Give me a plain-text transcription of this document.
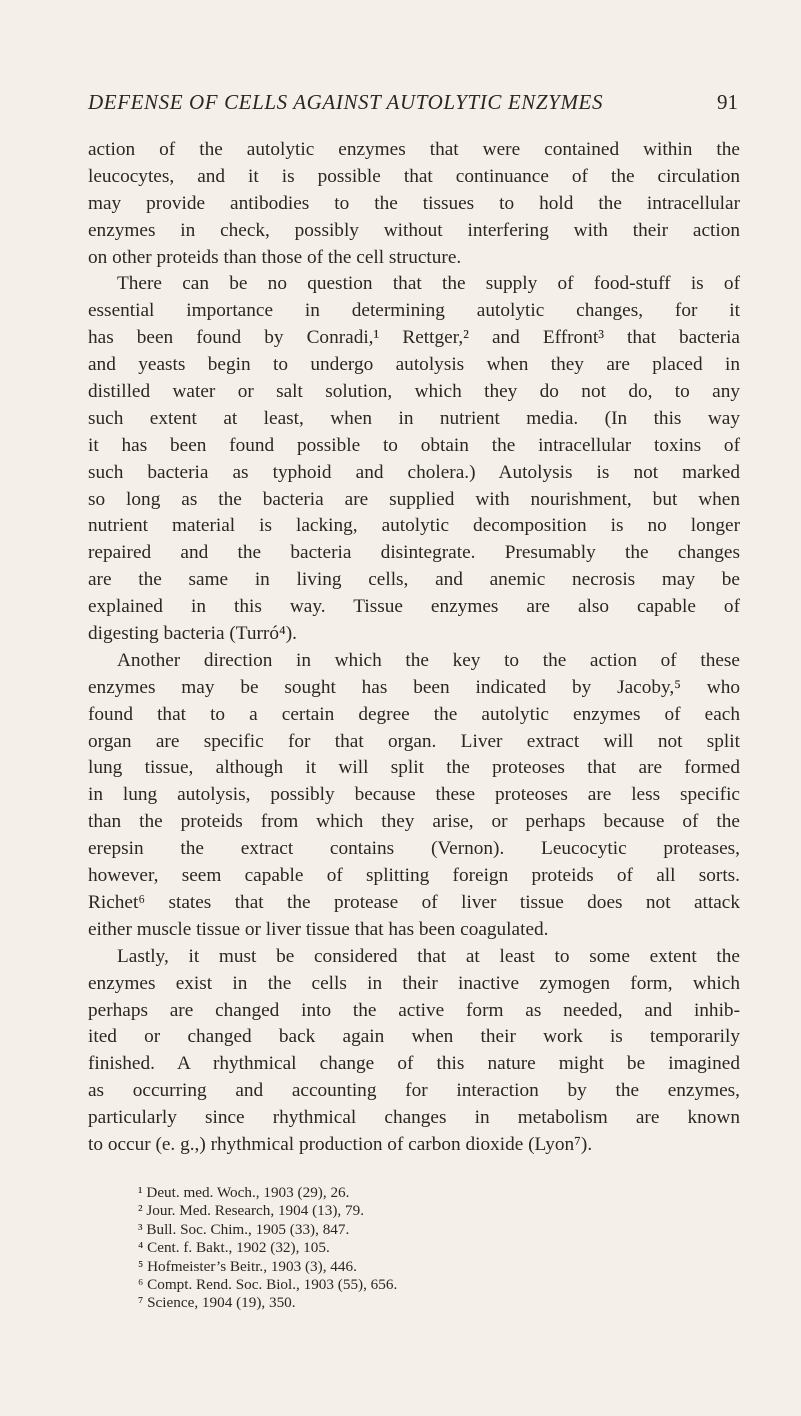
DEFENSE OF CELLS AGAINST AUTOLYTIC ENZYMES	91
action of the autolytic enzymes that were contained within the
leucocytes, and it is possible that continuance of the circulation
may provide antibodies to the tissues to hold the intracellular
enzymes in check, possibly without interfering with their action
on other proteids than those of the cell structure.
There can be no question that the supply of food-stuff is of
essential importance in determining autolytic changes, for it
has been found by Conradi,¹ Rettger,² and Effront³ that bacteria
and yeasts begin to undergo autolysis when they are placed in
distilled water or salt solution, which they do not do, to any
such extent at least, when in nutrient media. (In this way
it has been found possible to obtain the intracellular toxins of
such bacteria as typhoid and cholera.) Autolysis is not marked
so long as the bacteria are supplied with nourishment, but when
nutrient material is lacking, autolytic decomposition is no longer
repaired and the bacteria disintegrate. Presumably the changes
are the same in living cells, and anemic necrosis may be
explained in this way. Tissue enzymes are also capable of
digesting bacteria (Turró⁴).
Another direction in which the key to the action of these
enzymes may be sought has been indicated by Jacoby,⁵ who
found that to a certain degree the autolytic enzymes of each
organ are specific for that organ. Liver extract will not split
lung tissue, although it will split the proteoses that are formed
in lung autolysis, possibly because these proteoses are less specific
than the proteids from which they arise, or perhaps because of the
erepsin the extract contains (Vernon). Leucocytic proteases,
however, seem capable of splitting foreign proteids of all sorts.
Richet⁶ states that the protease of liver tissue does not attack
either muscle tissue or liver tissue that has been coagulated.
Lastly, it must be considered that at least to some extent the
enzymes exist in the cells in their inactive zymogen form, which
perhaps are changed into the active form as needed, and inhib-
ited or changed back again when their work is temporarily
finished. A rhythmical change of this nature might be imagined
as occurring and accounting for interaction by the enzymes,
particularly since rhythmical changes in metabolism are known
to occur (e. g.,) rhythmical production of carbon dioxide (Lyon⁷).
¹ Deut. med. Woch., 1903 (29), 26.
² Jour. Med. Research, 1904 (13), 79.
³ Bull. Soc. Chim., 1905 (33), 847.
⁴ Cent. f. Bakt., 1902 (32), 105.
⁵ Hofmeister’s Beitr., 1903 (3), 446.
⁶ Compt. Rend. Soc. Biol., 1903 (55), 656.
⁷ Science, 1904 (19), 350.
